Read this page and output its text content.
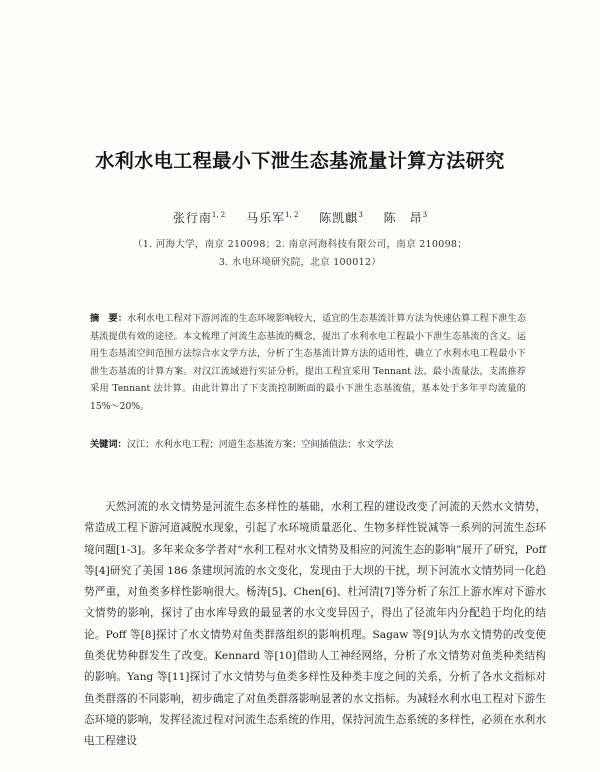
水利水电工程最小下泄生态基流量计算方法研究
张行南$^{1, 2}$ 马乐军$^{1, 2}$ 陈凯麒$^3$ 陈　昂$^3$
（1. 河海大学，南京 210098；2. 南京河海科技有限公司，南京 210098；
3. 水电环境研究院，北京 100012）
摘　要：水利水电工程对下游河流的生态环境影响较大，适宜的生态基流计算方法为快速估算工程下泄生态基流提供有效的途径。本文梳理了河流生态基流的概念，提出了水利水电工程最小下泄生态基流的含义。运用生态基流空间范围方法综合水文学方法，分析了生态基流计算方法的适用性，确立了水利水电工程最小下泄生态基流的计算方案。对汉江流域进行实证分析，提出工程宜采用 Tennant 法、最小流量法，支流推荐采用 Tennant 法计算。由此计算出了下支流控制断面的最小下泄生态基流值，基本处于多年平均流量的 15%～20%。
关键词：汉江；水利水电工程；河道生态基流方案；空间插值法；水文学法
天然河流的水文情势是河流生态多样性的基础，水利工程的建设改变了河流的天然水文情势，常造成工程下游河道减脱水现象，引起了水环境质量恶化、生物多样性锐减等一系列的河流生态环境问题[1-3]。多年来众多学者对“水利工程对水文情势及相应的河流生态的影响”展开了研究，Poff 等[4]研究了美国 186 条建坝河流的水文变化，发现由于大坝的干扰，坝下河流水文情势同一化趋势严重，对鱼类多样性影响很大。杨涛[5]、Chen[6]、杜河清[7]等分析了东江上游水库对下游水文情势的影响，探讨了由水库导致的最显著的水文变异因子，得出了径流年内分配趋于均化的结论。Poff 等[8]探讨了水文情势对鱼类群落组织的影响机理。Sagaw 等[9]认为水文情势的改变使鱼类优势种群发生了改变。Kennard 等[10]借助人工神经网络，分析了水文情势对鱼类种类结构的影响。Yang 等[11]探讨了水文情势与鱼类多样性及种类丰度之间的关系，分析了各水文指标对鱼类群落的不同影响，初步确定了对鱼类群落影响显著的水文指标。为减轻水利水电工程对下游生态环境的影响，发挥径流过程对河流生态系统的作用，保持河流生态系统的多样性，必须在水利水电工程建设
